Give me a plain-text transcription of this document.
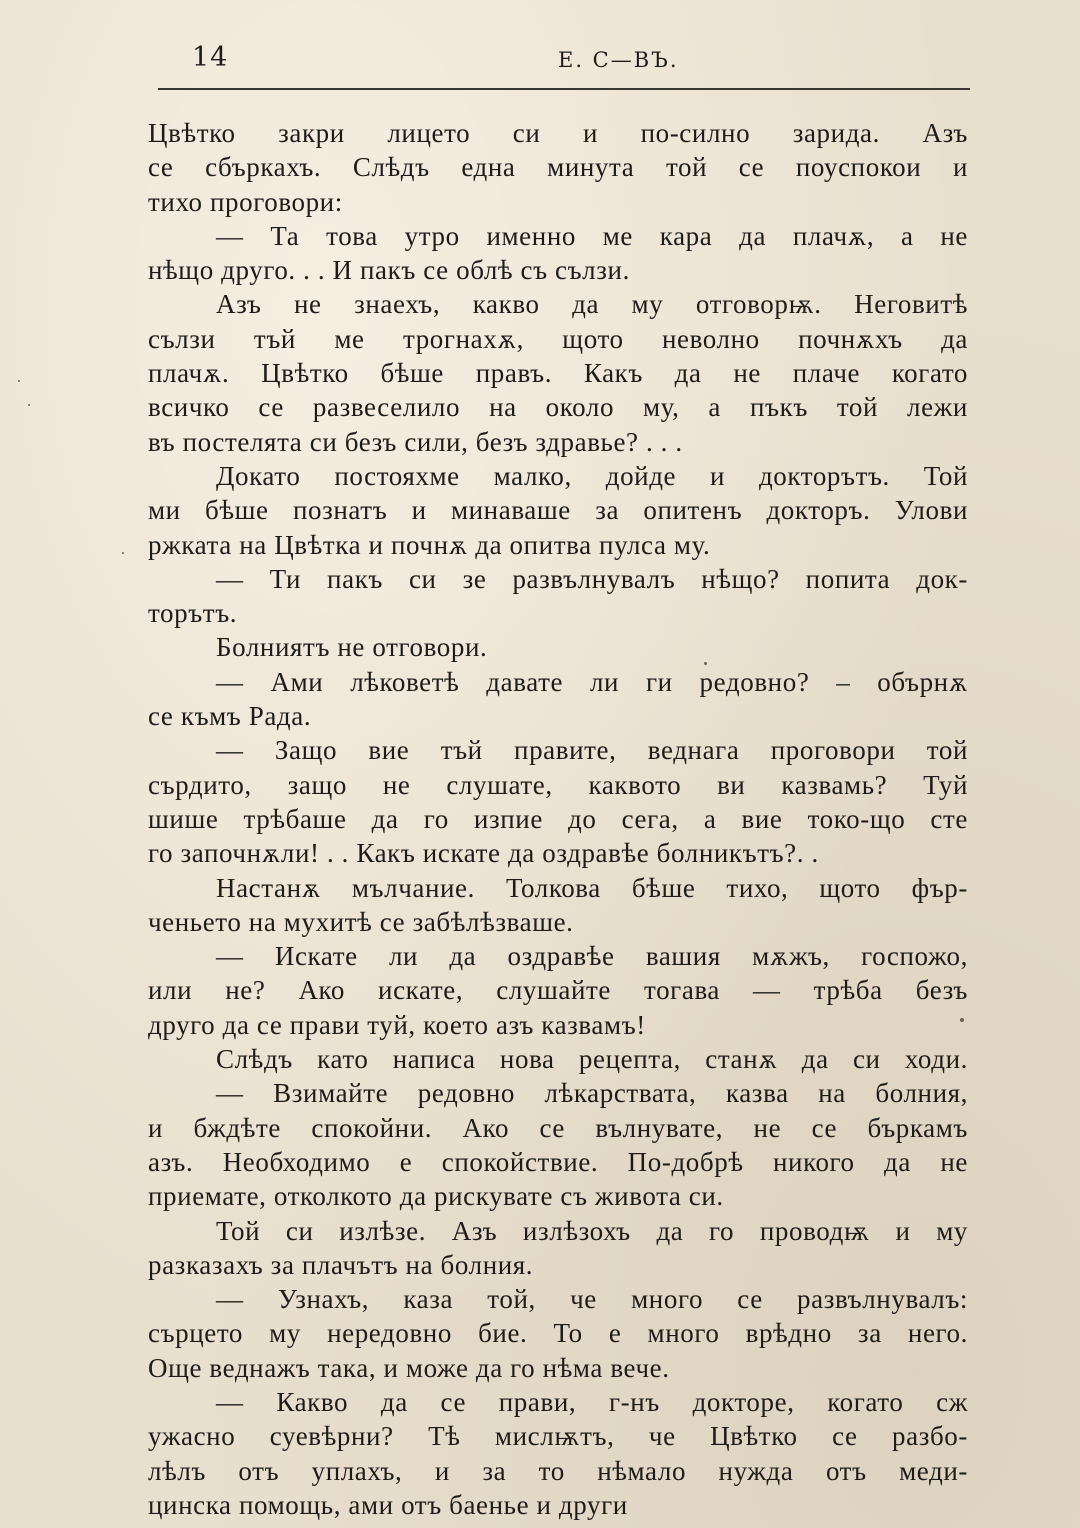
14	Е. С—ВЪ.
Цвѣтко закри лицето си и по-силно зарида. Азъ
се сбъркахъ. Слѣдъ една минута той се поуспокои и
тихо проговори:
— Та това утро именно ме кара да плачѫ, а не
нѣщо друго. . . И пакъ се облѣ съ сълзи.
Азъ не знаехъ, какво да му отговорѭ. Неговитѣ
сълзи тъй ме трогнахѫ, щото неволно почнѫхъ да
плачѫ. Цвѣтко бѣше правъ. Какъ да не плаче когато
всичко се развеселило на около му, а пъкъ той лежи
въ постелята си безъ сили, безъ здравье? . . .
Докато постояхме малко, дойде и докторътъ. Той
ми бѣше познатъ и минаваше за опитенъ докторъ. Улови
ржката на Цвѣтка и почнѫ да опитва пулса му.
— Ти пакъ си зе развълнувалъ нѣщо? попита док-
торътъ.
Болниятъ не отговори.
— Ами лѣковетѣ давате ли ги редовно? – обърнѫ
се къмъ Рада.
— Защо вие тъй правите, веднага проговори той
сърдито, защо не слушате, каквото ви казвамь? Туй
шише трѣбаше да го изпие до сега, а вие токо-що сте
го започнѫли! . . Какъ искате да оздравѣе болникътъ?. .
Настанѫ мълчание. Толкова бѣше тихо, щото фър-
ченьето на мухитѣ се забѣлѣзваше.
— Искате ли да оздравѣе вашия мѫжъ, госпожо,
или не? Ако искате, слушайте тогава — трѣба безъ
друго да се прави туй, което азъ казвамъ!
Слѣдъ като написа нова рецепта, станѫ да си ходи.
— Взимайте редовно лѣкарствата, казва на болния,
и бждѣте спокойни. Ако се вълнувате, не се бъркамъ
азъ. Необходимо е спокойствие. По-добрѣ никого да не
приемате, отколкото да рискувате съ живота си.
Той си излѣзе. Азъ излѣзохъ да го проводѭ и му
разказахъ за плачътъ на болния.
— Узнахъ, каза той, че много се развълнувалъ:
сърцето му нередовно бие. То е много врѣдно за него.
Още веднажъ така, и може да го нѣма вече.
— Какво да се прави, г-нъ докторе, когато сж
ужасно суевѣрни? Тѣ мислѭтъ, че Цвѣтко се разбо-
лѣлъ отъ уплахъ, и за то нѣмало нужда отъ меди-
цинска помощь, ами отъ баенье и други
